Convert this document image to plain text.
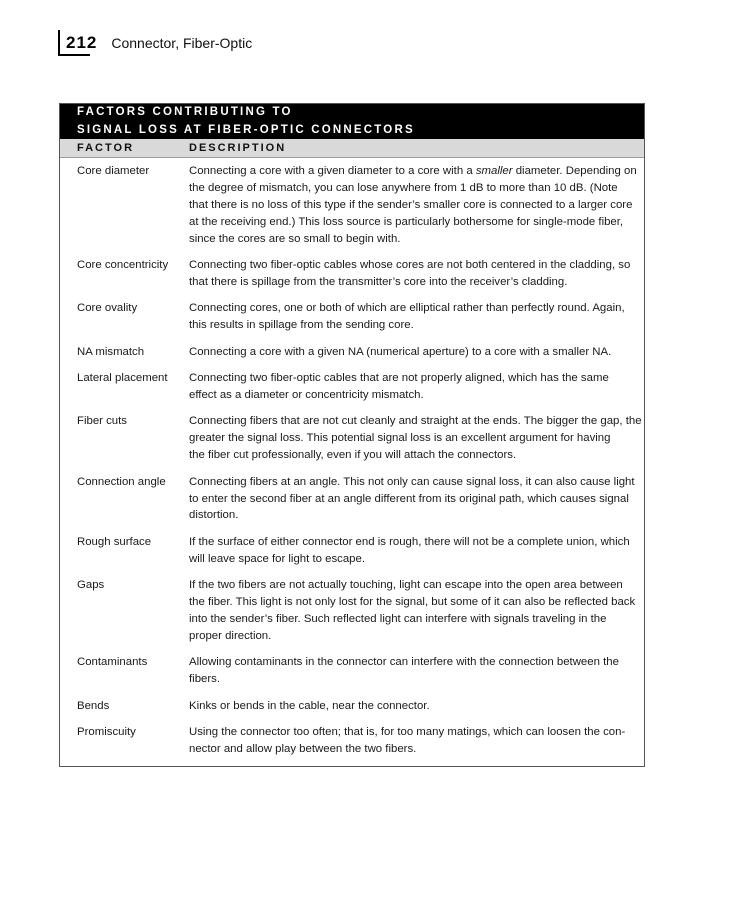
212 Connector, Fiber-Optic
FACTORS CONTRIBUTING TO
SIGNAL LOSS AT FIBER-OPTIC CONNECTORS
FACTOR	DESCRIPTION
Core diameter	Connecting a core with a given diameter to a core with a smaller diameter. Depending on
the degree of mismatch, you can lose anywhere from 1 dB to more than 10 dB. (Note
that there is no loss of this type if the sender’s smaller core is connected to a larger core
at the receiving end.) This loss source is particularly bothersome for single-mode fiber,
since the cores are so small to begin with.
Core concentricity	Connecting two fiber-optic cables whose cores are not both centered in the cladding, so
that there is spillage from the transmitter’s core into the receiver’s cladding.
Core ovality	Connecting cores, one or both of which are elliptical rather than perfectly round. Again,
this results in spillage from the sending core.
NA mismatch	Connecting a core with a given NA (numerical aperture) to a core with a smaller NA.
Lateral placement	Connecting two fiber-optic cables that are not properly aligned, which has the same
effect as a diameter or concentricity mismatch.
Fiber cuts	Connecting fibers that are not cut cleanly and straight at the ends. The bigger the gap, the
greater the signal loss. This potential signal loss is an excellent argument for having
the fiber cut professionally, even if you will attach the connectors.
Connection angle	Connecting fibers at an angle. This not only can cause signal loss, it can also cause light
to enter the second fiber at an angle different from its original path, which causes signal
distortion.
Rough surface	If the surface of either connector end is rough, there will not be a complete union, which
will leave space for light to escape.
Gaps	If the two fibers are not actually touching, light can escape into the open area between
the fiber. This light is not only lost for the signal, but some of it can also be reflected back
into the sender’s fiber. Such reflected light can interfere with signals traveling in the
proper direction.
Contaminants	Allowing contaminants in the connector can interfere with the connection between the
fibers.
Bends	Kinks or bends in the cable, near the connector.
Promiscuity	Using the connector too often; that is, for too many matings, which can loosen the con-
nector and allow play between the two fibers.
